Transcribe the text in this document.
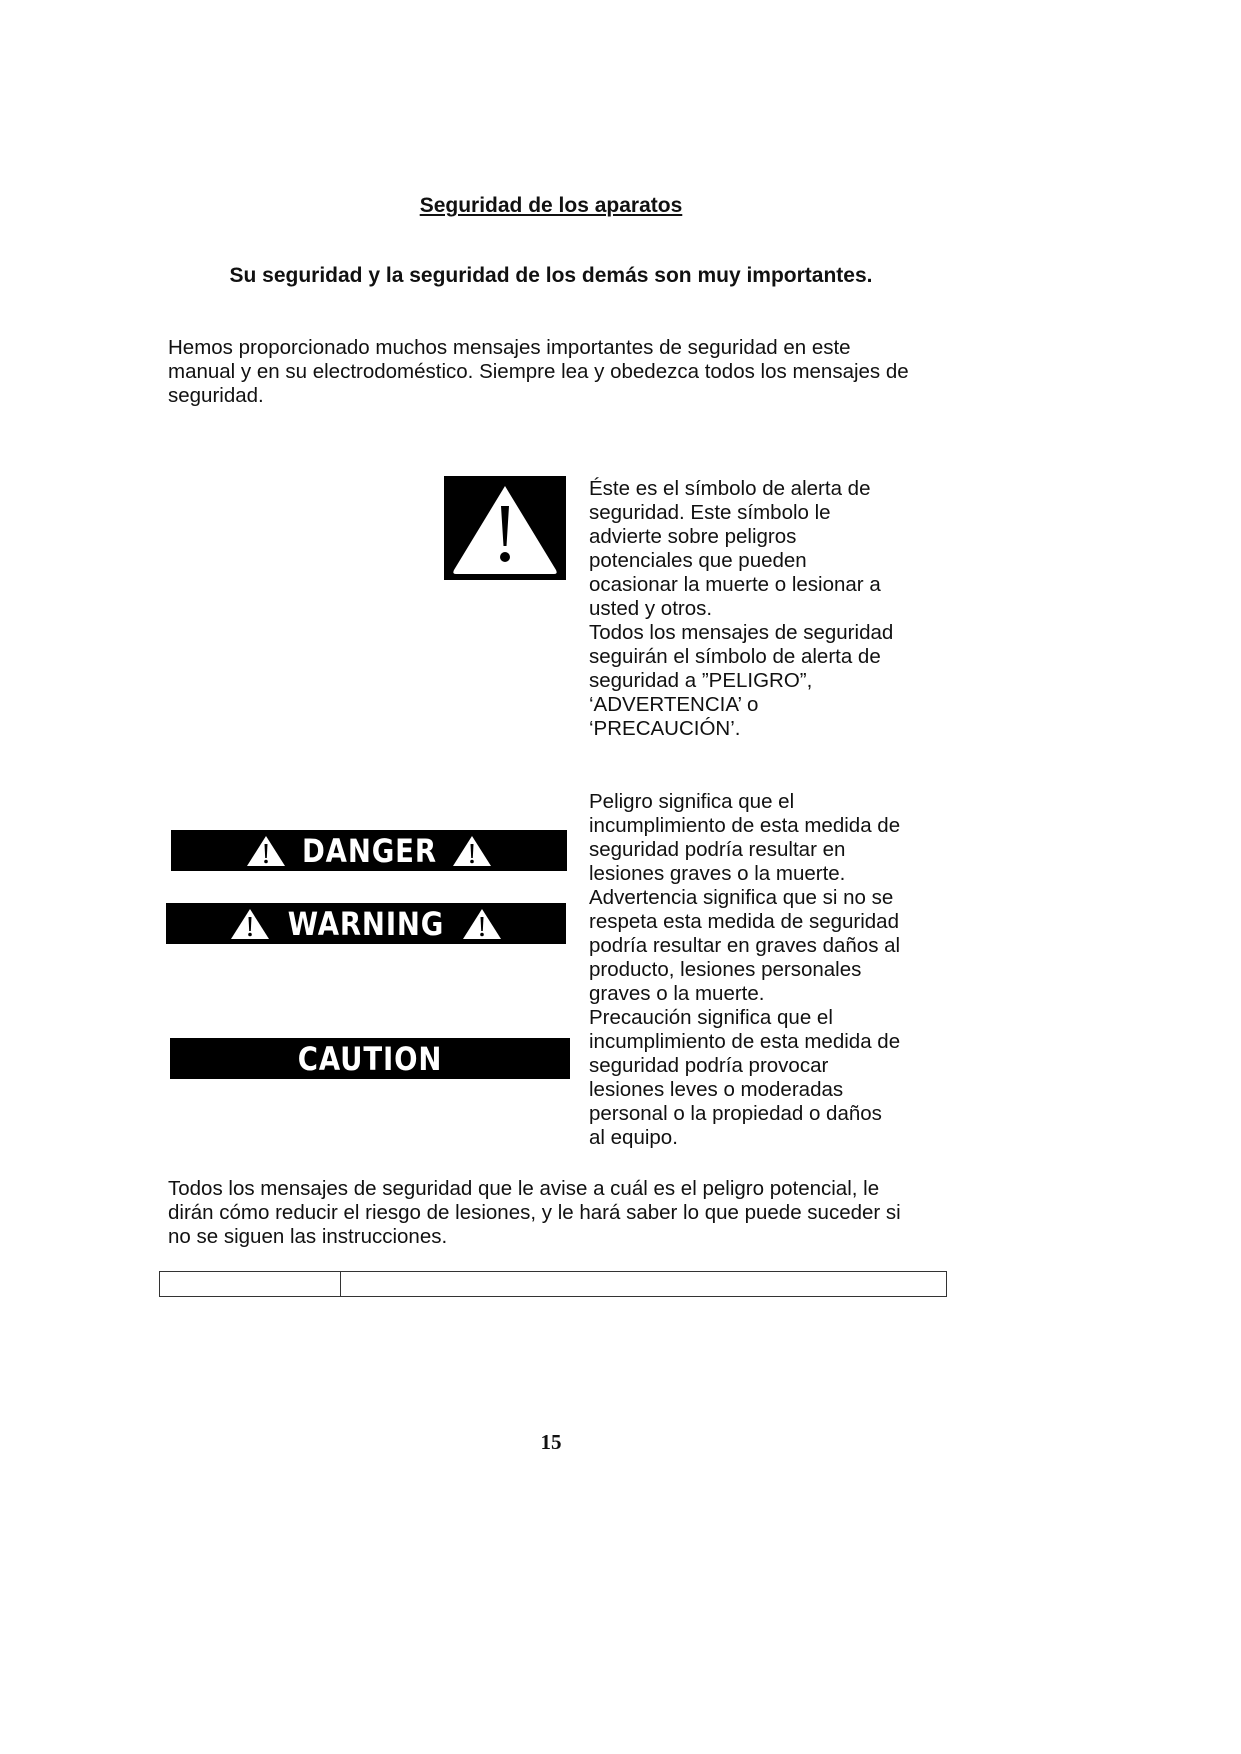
Seguridad de los aparatos
Su seguridad y la seguridad de los demás son muy importantes.

Hemos proporcionado muchos mensajes importantes de seguridad en este manual y en su electrodoméstico. Siempre lea y obedezca todos los mensajes de seguridad.

Éste es el símbolo de alerta de
seguridad. Este símbolo le
advierte sobre peligros
potenciales que pueden
ocasionar la muerte o lesionar a
usted y otros.
Todos los mensajes de seguridad
seguirán el símbolo de alerta de
seguridad a ”PELIGRO”,
‘ADVERTENCIA’ o
‘PRECAUCIÓN’.
DANGER
WARNING
CAUTION
Peligro significa que el
incumplimiento de esta medida de
seguridad podría resultar en
lesiones graves o la muerte.
Advertencia significa que si no se
respeta esta medida de seguridad
podría resultar en graves daños al
producto, lesiones personales
graves o la muerte.
Precaución significa que el
incumplimiento de esta medida de
seguridad podría provocar
lesiones leves o moderadas
personal o la propiedad o daños
al equipo.

Todos los mensajes de seguridad que le avise a cuál es el peligro potencial, le dirán cómo reducir el riesgo de lesiones, y le hará saber lo que puede suceder si no se siguen las instrucciones.

15
